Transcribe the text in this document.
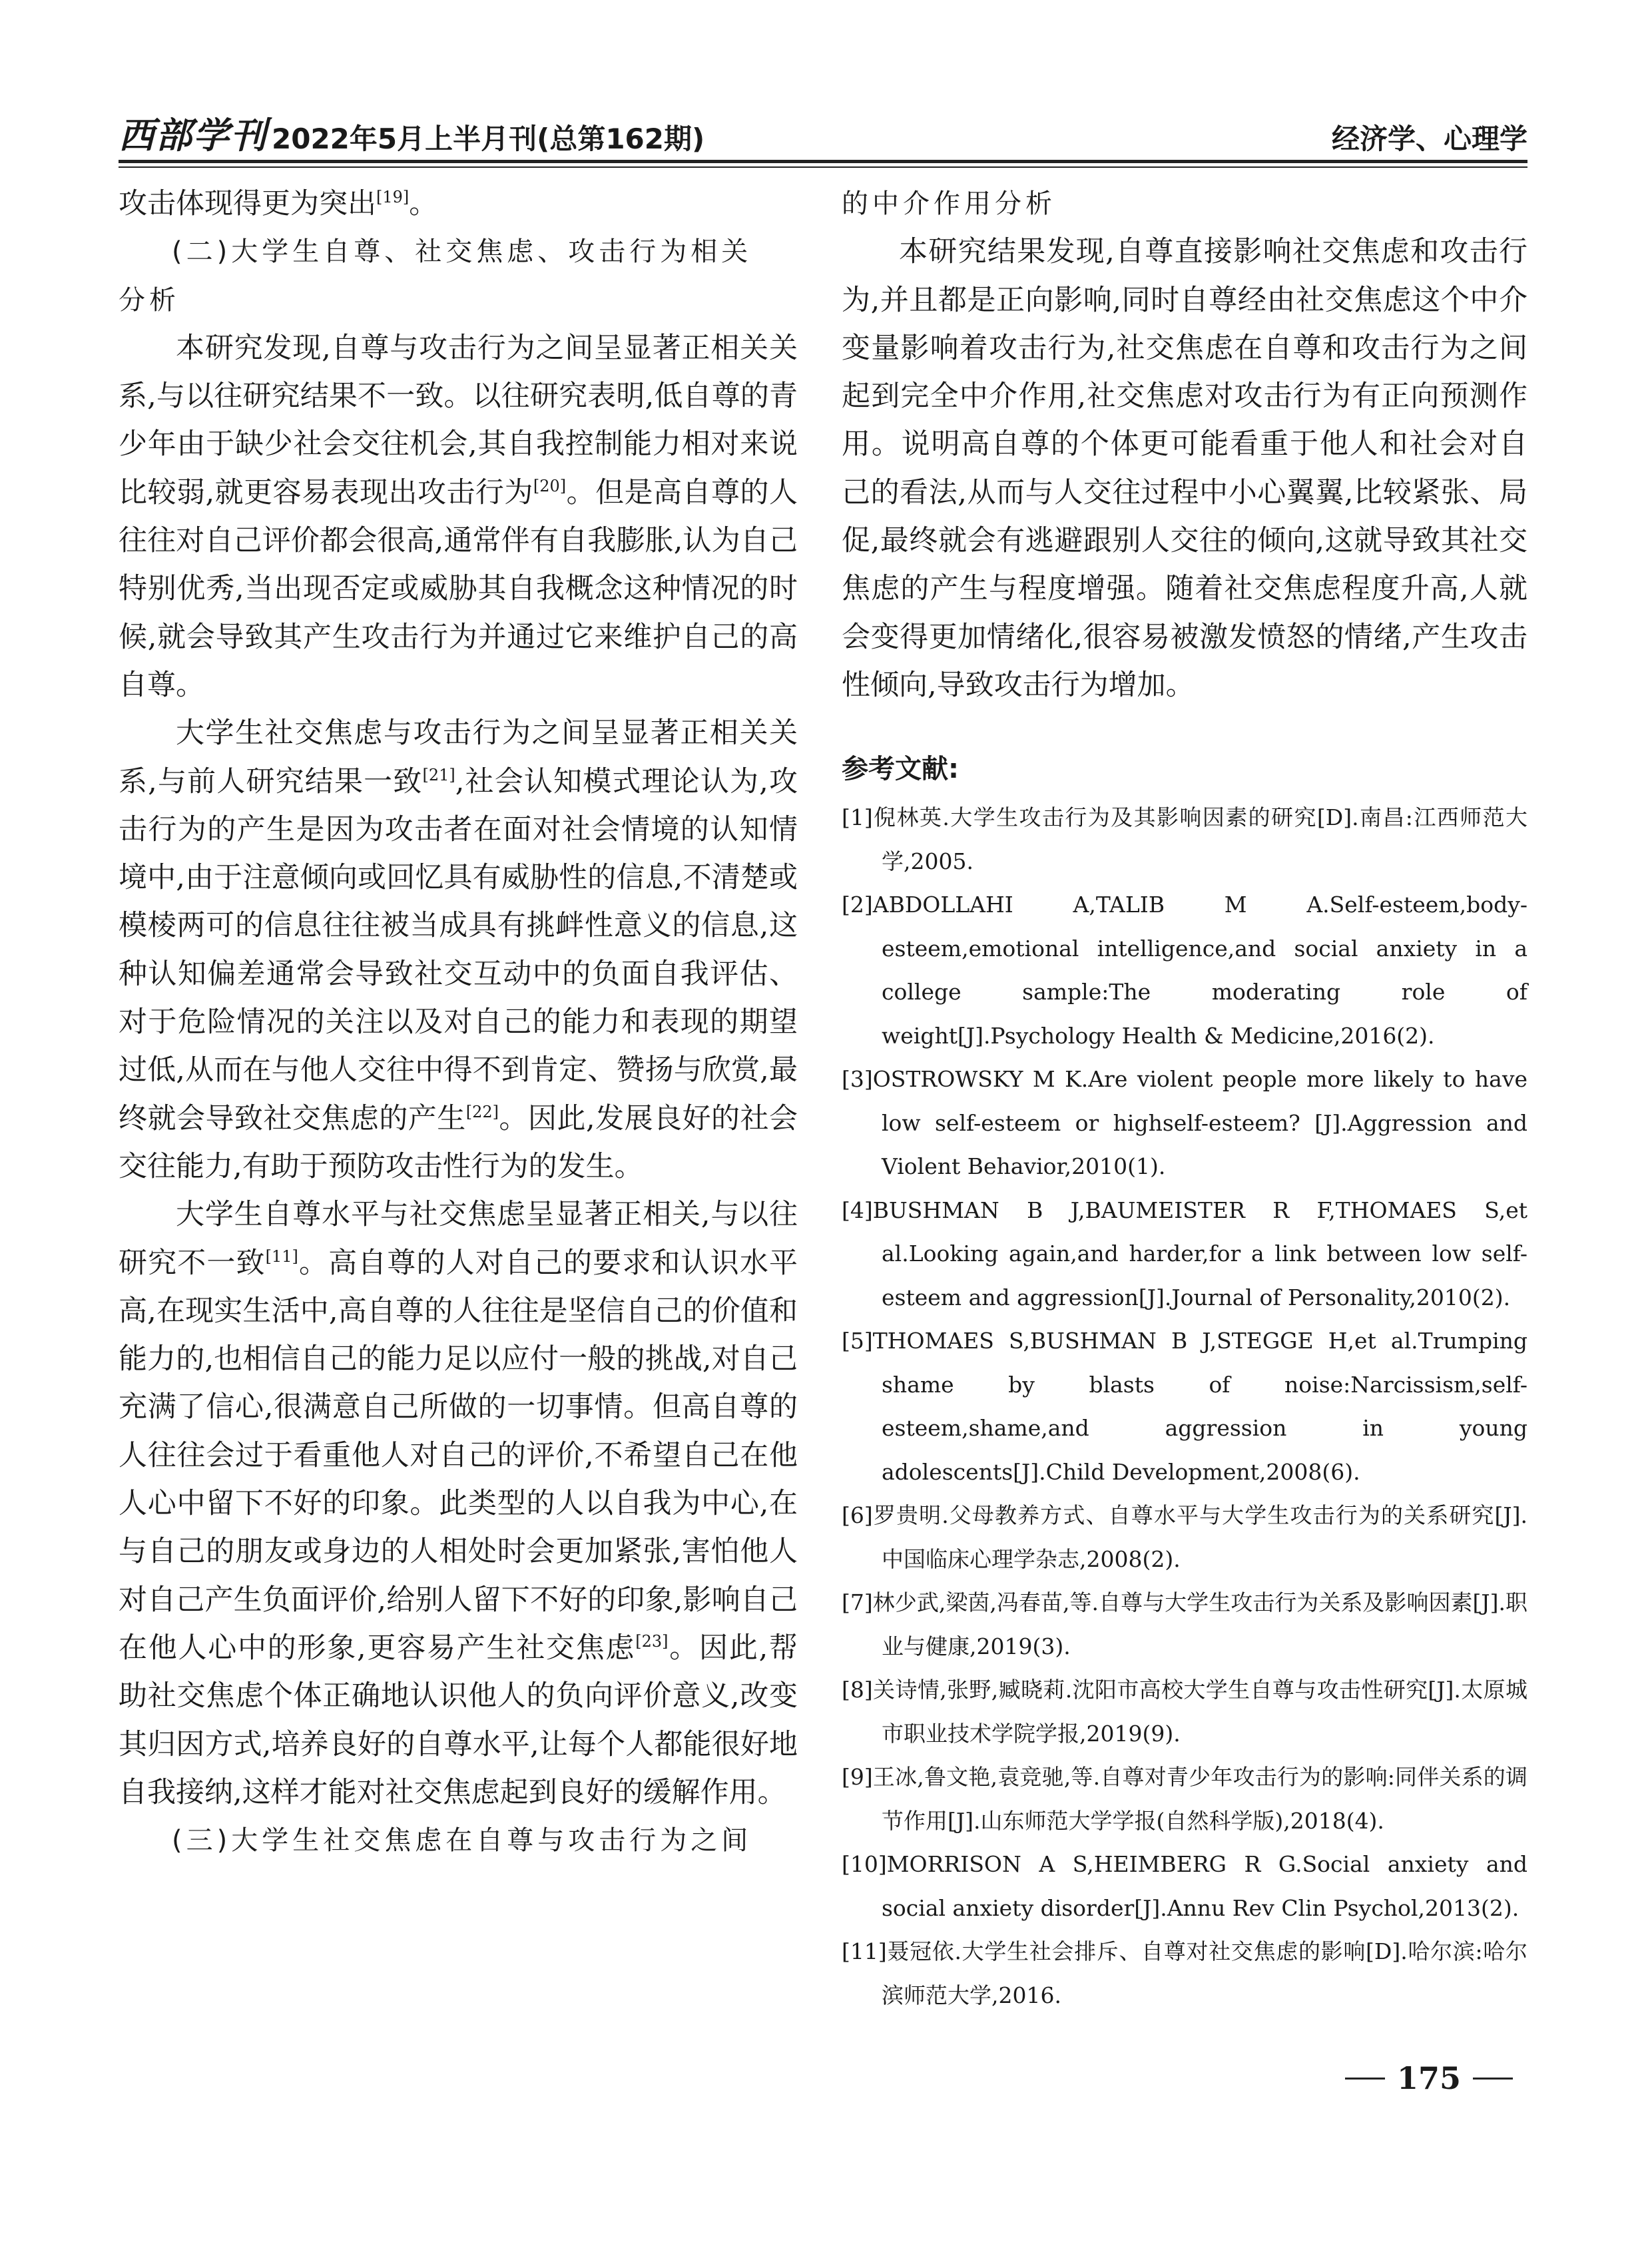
西部学刊 2022年5月上半月刊(总第162期)	经济学、心理学

攻击体现得更为突出[19]。

(二)大学生自尊、社交焦虑、攻击行为相关

分析

本研究发现,自尊与攻击行为之间呈显著正相关关系,与以往研究结果不一致。以往研究表明,低自尊的青少年由于缺少社会交往机会,其自我控制能力相对来说比较弱,就更容易表现出攻击行为[20]。但是高自尊的人往往对自己评价都会很高,通常伴有自我膨胀,认为自己特别优秀,当出现否定或威胁其自我概念这种情况的时候,就会导致其产生攻击行为并通过它来维护自己的高自尊。

大学生社交焦虑与攻击行为之间呈显著正相关关系,与前人研究结果一致[21],社会认知模式理论认为,攻击行为的产生是因为攻击者在面对社会情境的认知情境中,由于注意倾向或回忆具有威胁性的信息,不清楚或模棱两可的信息往往被当成具有挑衅性意义的信息,这种认知偏差通常会导致社交互动中的负面自我评估、对于危险情况的关注以及对自己的能力和表现的期望过低,从而在与他人交往中得不到肯定、赞扬与欣赏,最终就会导致社交焦虑的产生[22]。因此,发展良好的社会交往能力,有助于预防攻击性行为的发生。

大学生自尊水平与社交焦虑呈显著正相关,与以往研究不一致[11]。高自尊的人对自己的要求和认识水平高,在现实生活中,高自尊的人往往是坚信自己的价值和能力的,也相信自己的能力足以应付一般的挑战,对自己充满了信心,很满意自己所做的一切事情。但高自尊的人往往会过于看重他人对自己的评价,不希望自己在他人心中留下不好的印象。此类型的人以自我为中心,在与自己的朋友或身边的人相处时会更加紧张,害怕他人对自己产生负面评价,给别人留下不好的印象,影响自己在他人心中的形象,更容易产生社交焦虑[23]。因此,帮助社交焦虑个体正确地认识他人的负向评价意义,改变其归因方式,培养良好的自尊水平,让每个人都能很好地自我接纳,这样才能对社交焦虑起到良好的缓解作用。

(三)大学生社交焦虑在自尊与攻击行为之间

的中介作用分析

本研究结果发现,自尊直接影响社交焦虑和攻击行为,并且都是正向影响,同时自尊经由社交焦虑这个中介变量影响着攻击行为,社交焦虑在自尊和攻击行为之间起到完全中介作用,社交焦虑对攻击行为有正向预测作用。说明高自尊的个体更可能看重于他人和社会对自己的看法,从而与人交往过程中小心翼翼,比较紧张、局促,最终就会有逃避跟别人交往的倾向,这就导致其社交焦虑的产生与程度增强。随着社交焦虑程度升高,人就会变得更加情绪化,很容易被激发愤怒的情绪,产生攻击性倾向,导致攻击行为增加。

参考文献:

[1]倪林英.大学生攻击行为及其影响因素的研究[D].南昌:江西师范大学,2005.

[2]ABDOLLAHI A,TALIB M A.Self-esteem,body-esteem,emotional intelligence,and social anxiety in a college sample:The moderating role of weight[J].Psychology Health & Medicine,2016(2).

[3]OSTROWSKY M K.Are violent people more likely to have low self-esteem or highself-esteem? [J].Aggression and Violent Behavior,2010(1).

[4]BUSHMAN B J,BAUMEISTER R F,THOMAES S,et al.Looking again,and harder,for a link between low self-esteem and aggression[J].Journal of Personality,2010(2).

[5]THOMAES S,BUSHMAN B J,STEGGE H,et al.Trumping shame by blasts of noise:Narcissism,self-esteem,shame,and aggression in young adolescents[J].Child Development,2008(6).

[6]罗贵明.父母教养方式、自尊水平与大学生攻击行为的关系研究[J].中国临床心理学杂志,2008(2).

[7]林少武,梁茵,冯春苗,等.自尊与大学生攻击行为关系及影响因素[J].职业与健康,2019(3).

[8]关诗情,张野,臧晓莉.沈阳市高校大学生自尊与攻击性研究[J].太原城市职业技术学院学报,2019(9).

[9]王冰,鲁文艳,袁竞驰,等.自尊对青少年攻击行为的影响:同伴关系的调节作用[J].山东师范大学学报(自然科学版),2018(4).

[10]MORRISON A S,HEIMBERG R G.Social anxiety and social anxiety disorder[J].Annu Rev Clin Psychol,2013(2).

[11]聂冠依.大学生社会排斥、自尊对社交焦虑的影响[D].哈尔滨:哈尔滨师范大学,2016.

175
